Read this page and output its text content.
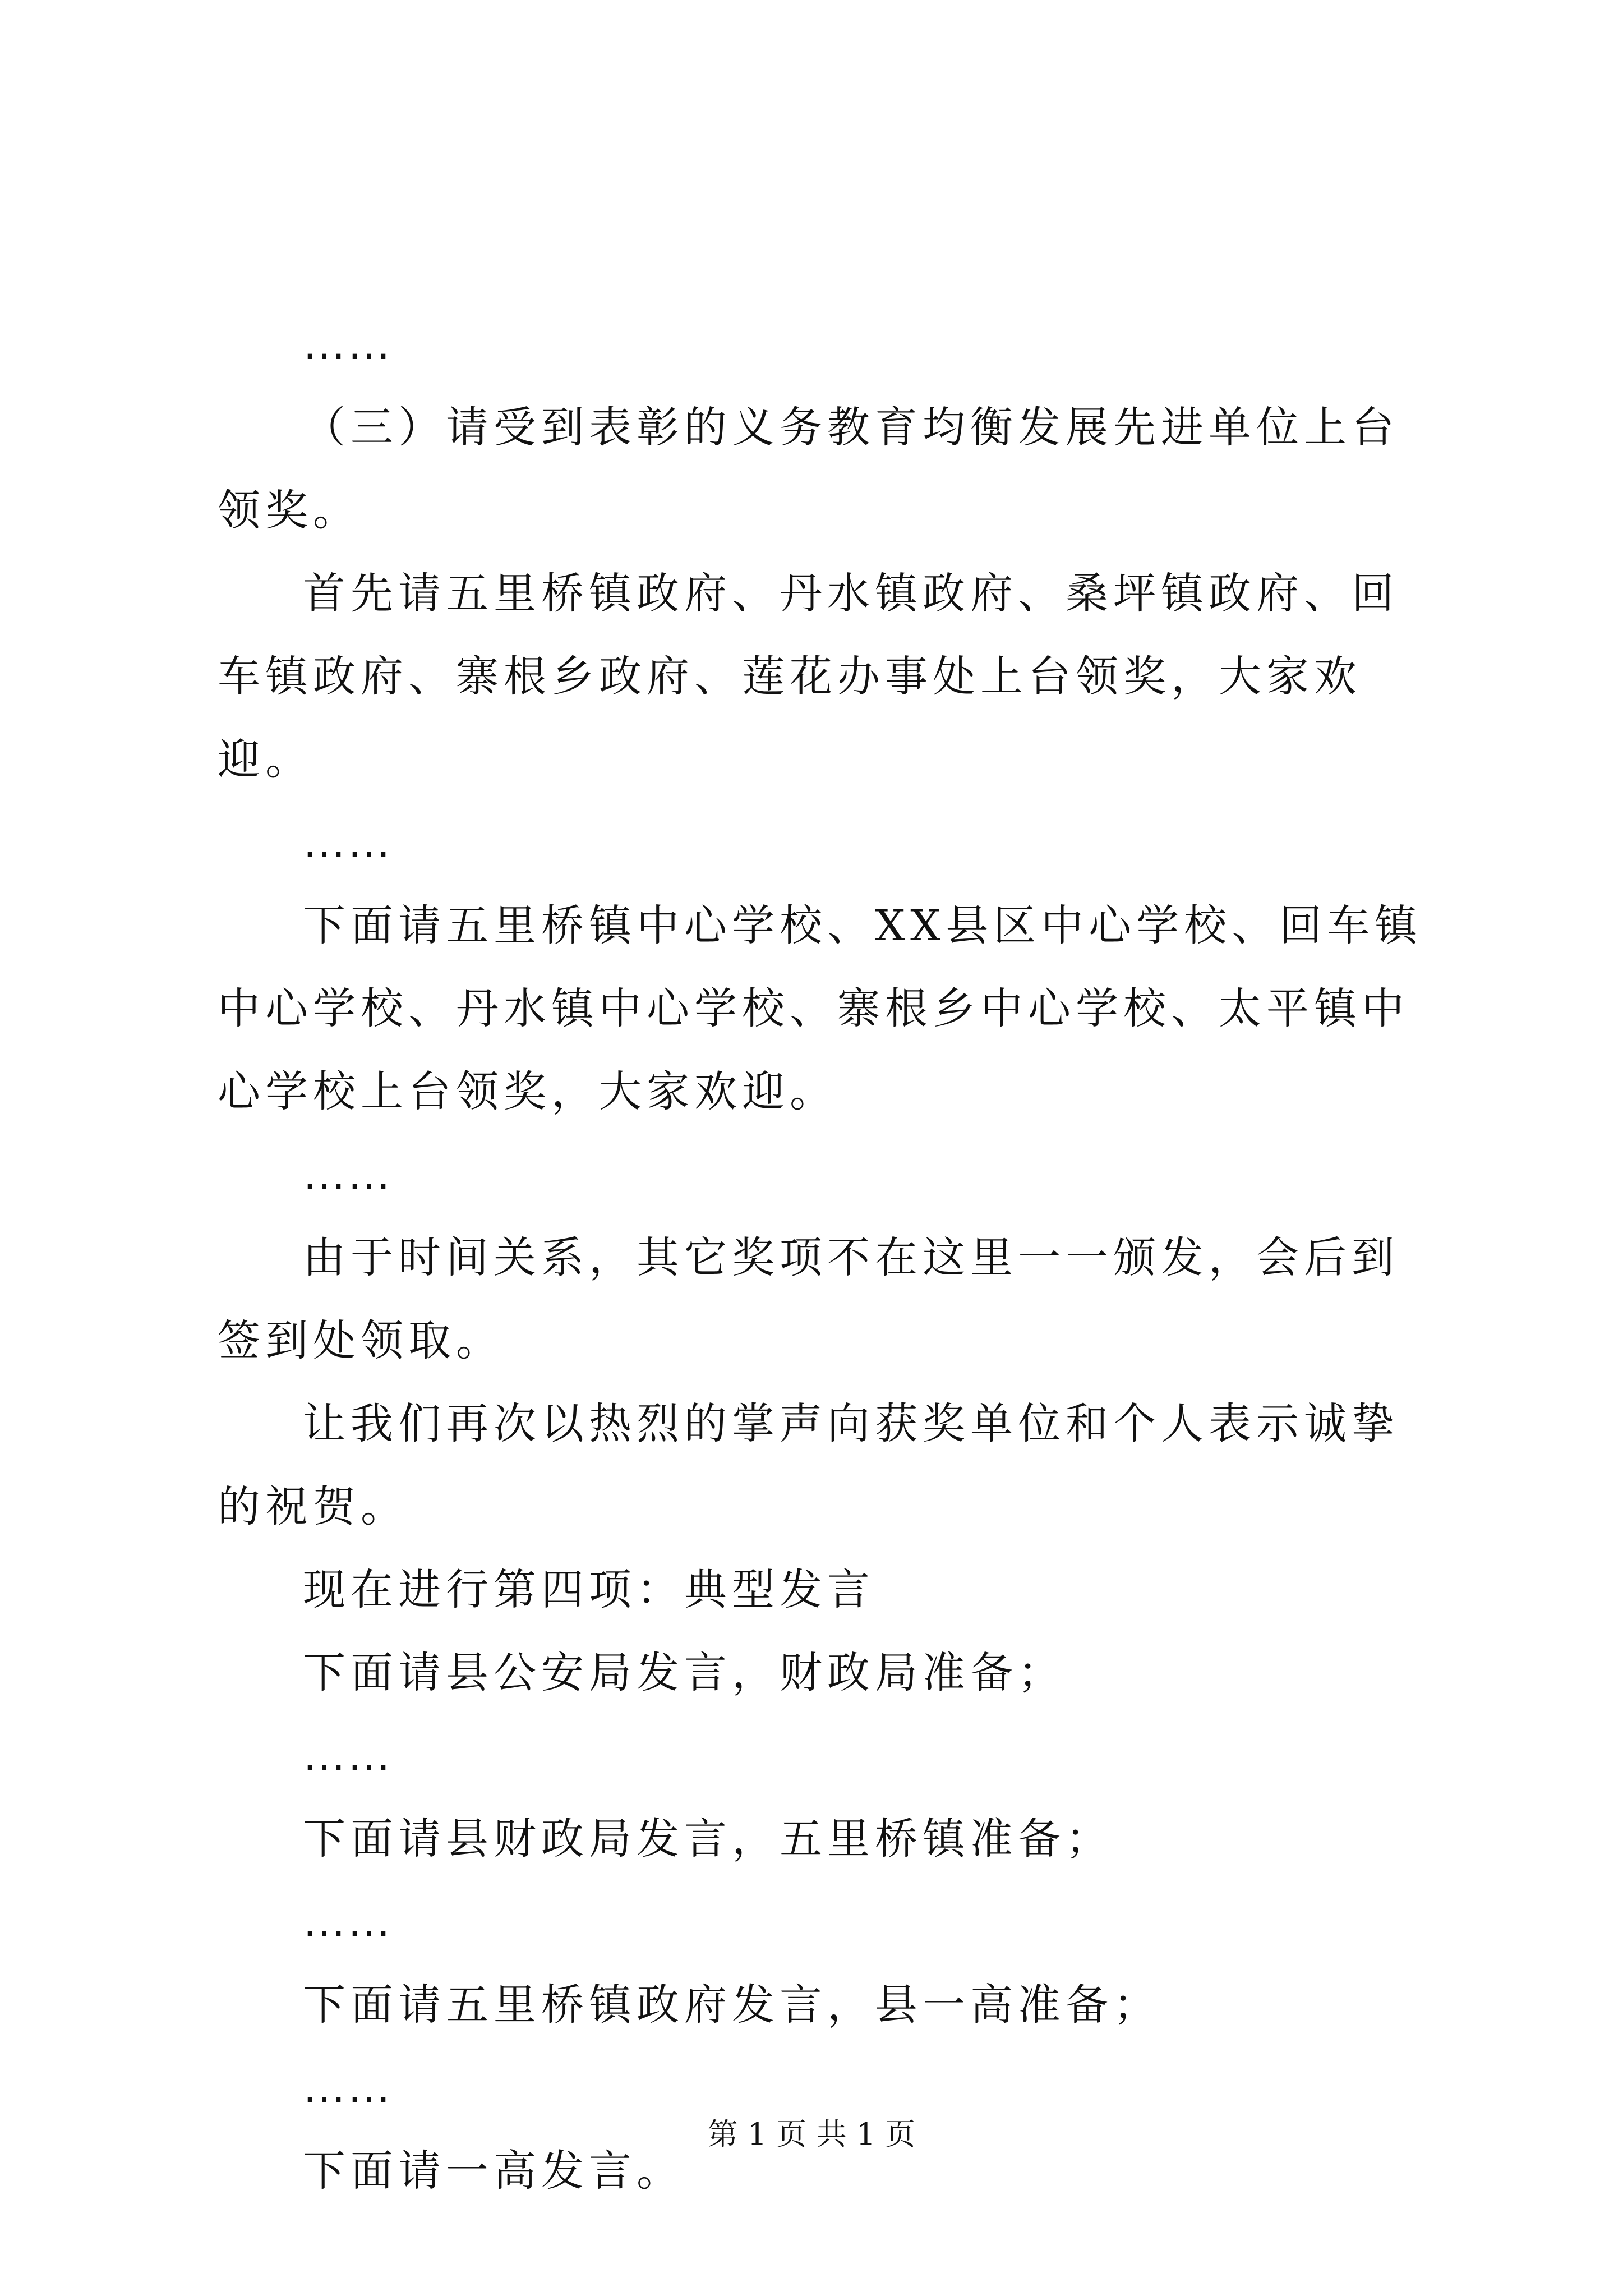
……

（三）请受到表彰的义务教育均衡发展先进单位上台领奖。

首先请五里桥镇政府、丹水镇政府、桑坪镇政府、回车镇政府、寨根乡政府、莲花办事处上台领奖，大家欢迎。

……

下面请五里桥镇中心学校、XX县区中心学校、回车镇中心学校、丹水镇中心学校、寨根乡中心学校、太平镇中心学校上台领奖，大家欢迎。

……

由于时间关系，其它奖项不在这里一一颁发，会后到签到处领取。

让我们再次以热烈的掌声向获奖单位和个人表示诚挚的祝贺。

现在进行第四项：典型发言

下面请县公安局发言，财政局准备；

……

下面请县财政局发言，五里桥镇准备；

……

下面请五里桥镇政府发言，县一高准备；

……

下面请一高发言。

第 1 页 共 1 页
